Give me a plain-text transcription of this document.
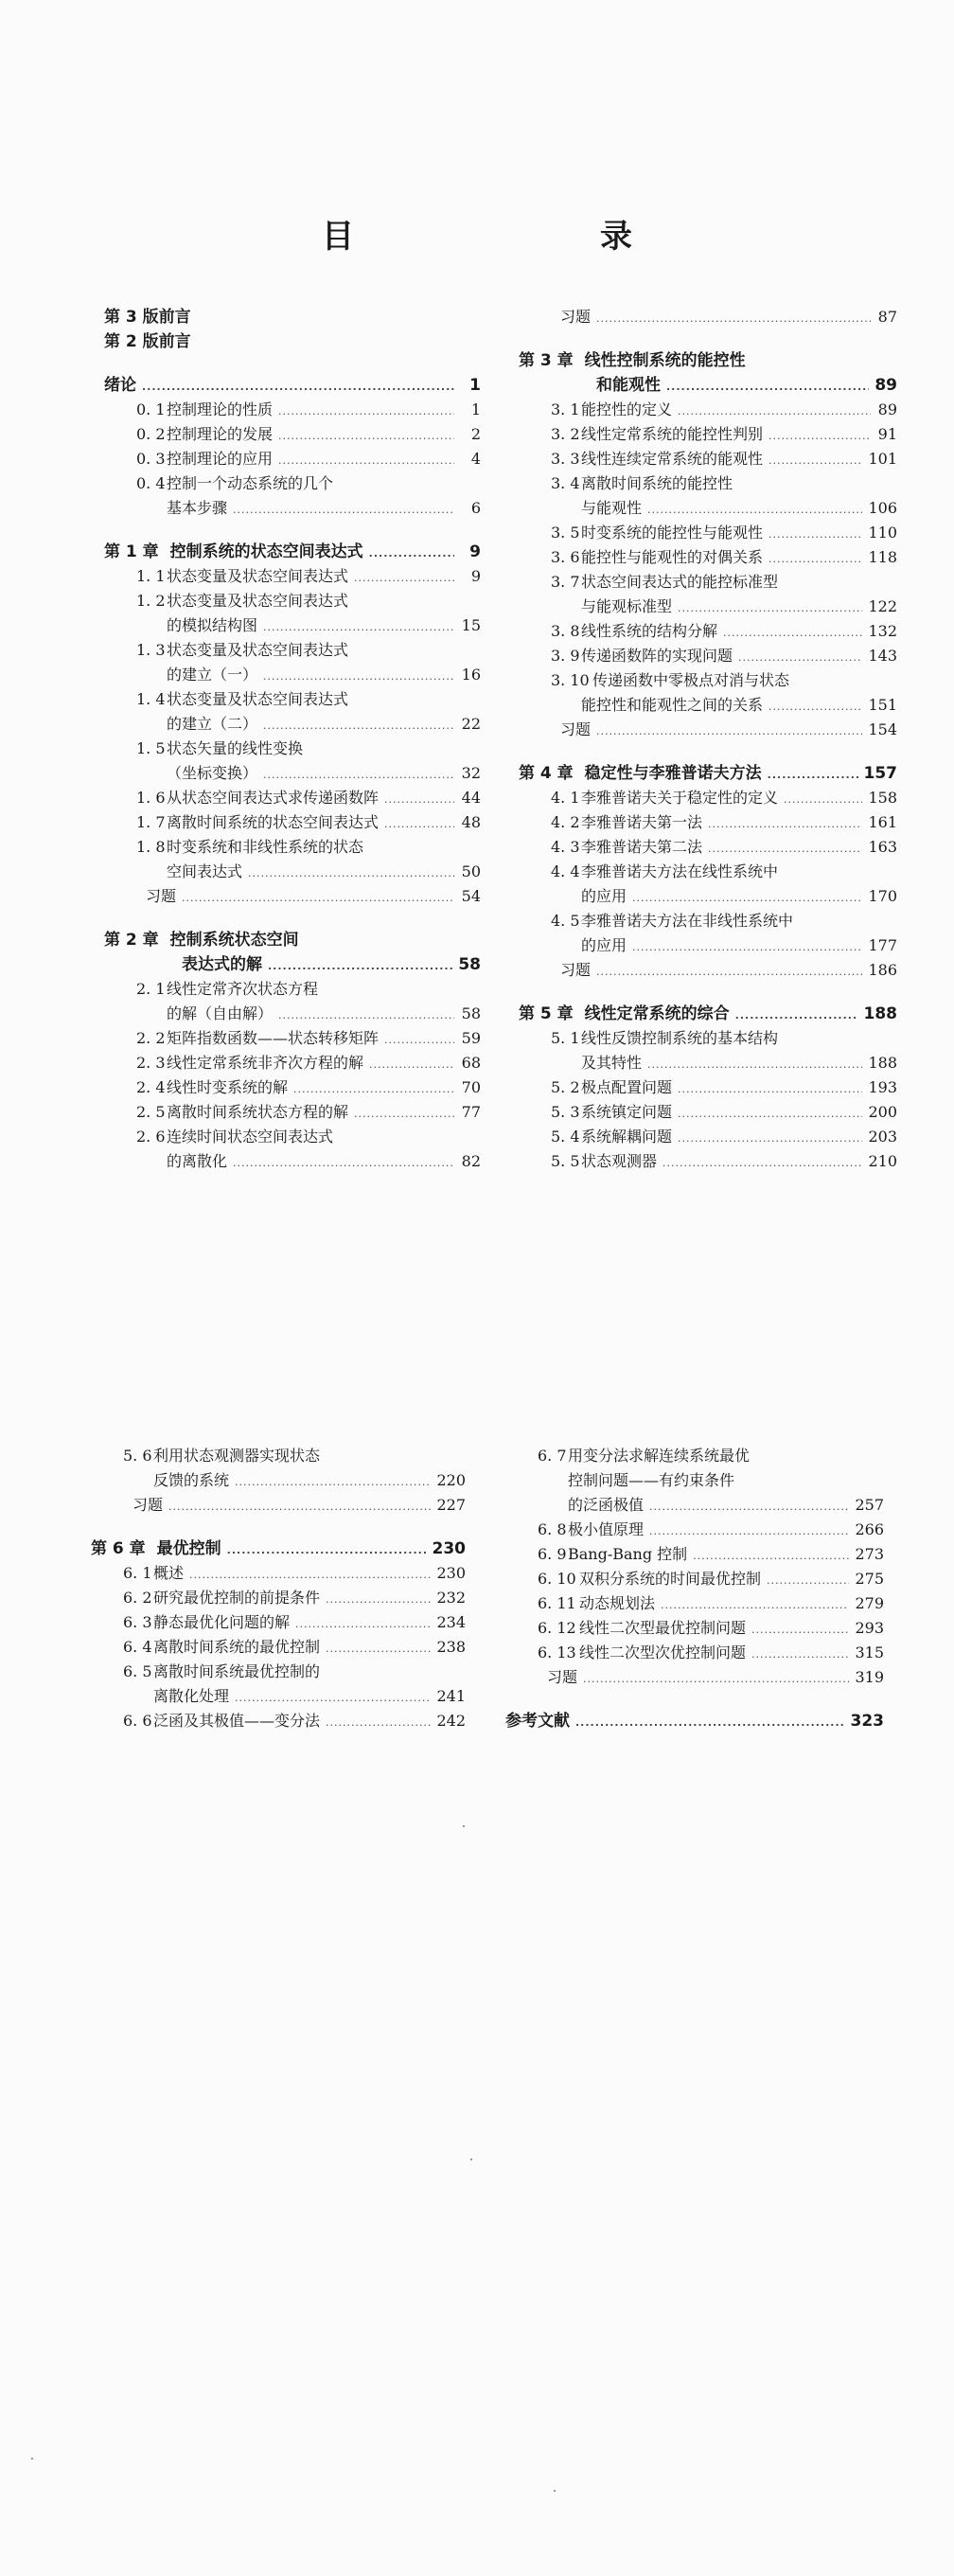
目　　录
第 3 版前言
第 2 版前言
绪论 .....	1
0. 1 控制理论的性质 .....	1
0. 2 控制理论的发展 .....	2
0. 3 控制理论的应用 .....	4
0. 4 控制一个动态系统的几个
基本步骤 .....	6
第 1 章 控制系统的状态空间表达式 .....	9
1. 1 状态变量及状态空间表达式 .....	9
1. 2 状态变量及状态空间表达式
的模拟结构图 .....	15
1. 3 状态变量及状态空间表达式
的建立（一） .....	16
1. 4 状态变量及状态空间表达式
的建立（二） .....	22
1. 5 状态矢量的线性变换
（坐标变换） .....	32
1. 6 从状态空间表达式求传递函数阵 .....	44
1. 7 离散时间系统的状态空间表达式 .....	48
1. 8 时变系统和非线性系统的状态
空间表达式 .....	50
习题 .....	54
第 2 章 控制系统状态空间
表达式的解 .....	58
2. 1 线性定常齐次状态方程
的解（自由解） .....	58
2. 2 矩阵指数函数——状态转移矩阵 .....	59
2. 3 线性定常系统非齐次方程的解 .....	68
2. 4 线性时变系统的解 .....	70
2. 5 离散时间系统状态方程的解 .....	77
2. 6 连续时间状态空间表达式
的离散化 .....	82
习题 .....	87
第 3 章 线性控制系统的能控性
和能观性 .....	89
3. 1 能控性的定义 .....	89
3. 2 线性定常系统的能控性判别 .....	91
3. 3 线性连续定常系统的能观性 .....	101
3. 4 离散时间系统的能控性
与能观性 .....	106
3. 5 时变系统的能控性与能观性 .....	110
3. 6 能控性与能观性的对偶关系 .....	118
3. 7 状态空间表达式的能控标准型
与能观标准型 .....	122
3. 8 线性系统的结构分解 .....	132
3. 9 传递函数阵的实现问题 .....	143
3. 10 传递函数中零极点对消与状态
能控性和能观性之间的关系 .....	151
习题 .....	154
第 4 章 稳定性与李雅普诺夫方法 .....	157
4. 1 李雅普诺夫关于稳定性的定义 .....	158
4. 2 李雅普诺夫第一法 .....	161
4. 3 李雅普诺夫第二法 .....	163
4. 4 李雅普诺夫方法在线性系统中
的应用 .....	170
4. 5 李雅普诺夫方法在非线性系统中
的应用 .....	177
习题 .....	186
第 5 章 线性定常系统的综合 .....	188
5. 1 线性反馈控制系统的基本结构
及其特性 .....	188
5. 2 极点配置问题 .....	193
5. 3 系统镇定问题 .....	200
5. 4 系统解耦问题 .....	203
5. 5 状态观测器 .....	210
5. 6 利用状态观测器实现状态
反馈的系统 .....	220
习题 .....	227
第 6 章 最优控制 .....	230
6. 1 概述 .....	230
6. 2 研究最优控制的前提条件 .....	232
6. 3 静态最优化问题的解 .....	234
6. 4 离散时间系统的最优控制 .....	238
6. 5 离散时间系统最优控制的
离散化处理 .....	241
6. 6 泛函及其极值——变分法 .....	242
6. 7 用变分法求解连续系统最优
控制问题——有约束条件
的泛函极值 .....	257
6. 8 极小值原理 .....	266
6. 9 Bang-Bang 控制 .....	273
6. 10 双积分系统的时间最优控制 .....	275
6. 11 动态规划法 .....	279
6. 12 线性二次型最优控制问题 .....	293
6. 13 线性二次型次优控制问题 .....	315
习题 .....	319
参考文献 .....	323
